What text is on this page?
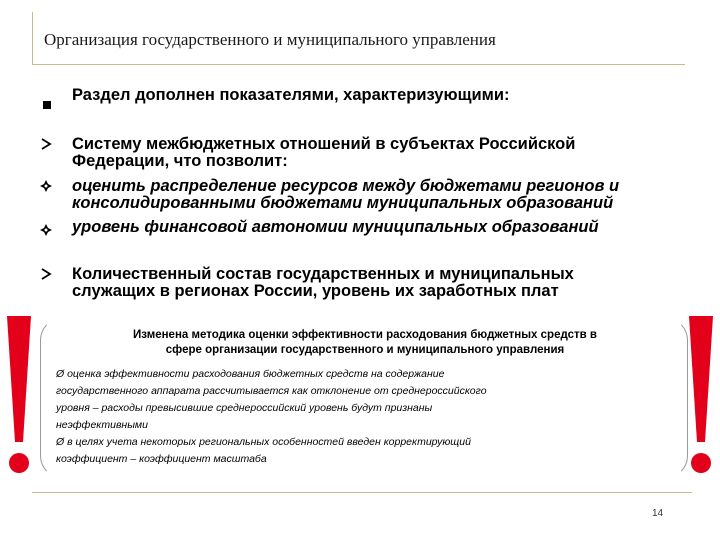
Организация государственного и муниципального управления
Раздел дополнен показателями, характеризующими:
Систему межбюджетных отношений в субъектах Российской
Федерации, что позволит:
оценить распределение ресурсов между бюджетами регионов и
консолидированными бюджетами муниципальных образований
уровень финансовой автономии муниципальных образований
Количественный состав государственных и муниципальных
служащих в регионах России, уровень их заработных плат
Изменена методика оценки эффективности расходования бюджетных средств в
сфере организации государственного и муниципального управления
Ø оценка эффективности расходования бюджетных средств на содержание
государственного аппарата рассчитывается как отклонение от среднероссийского
уровня – расходы превысившие среднероссийский уровень будут признаны
неэффективными
Ø в целях учета некоторых региональных особенностей введен корректирующий
коэффициент – коэффициент масштаба
14
